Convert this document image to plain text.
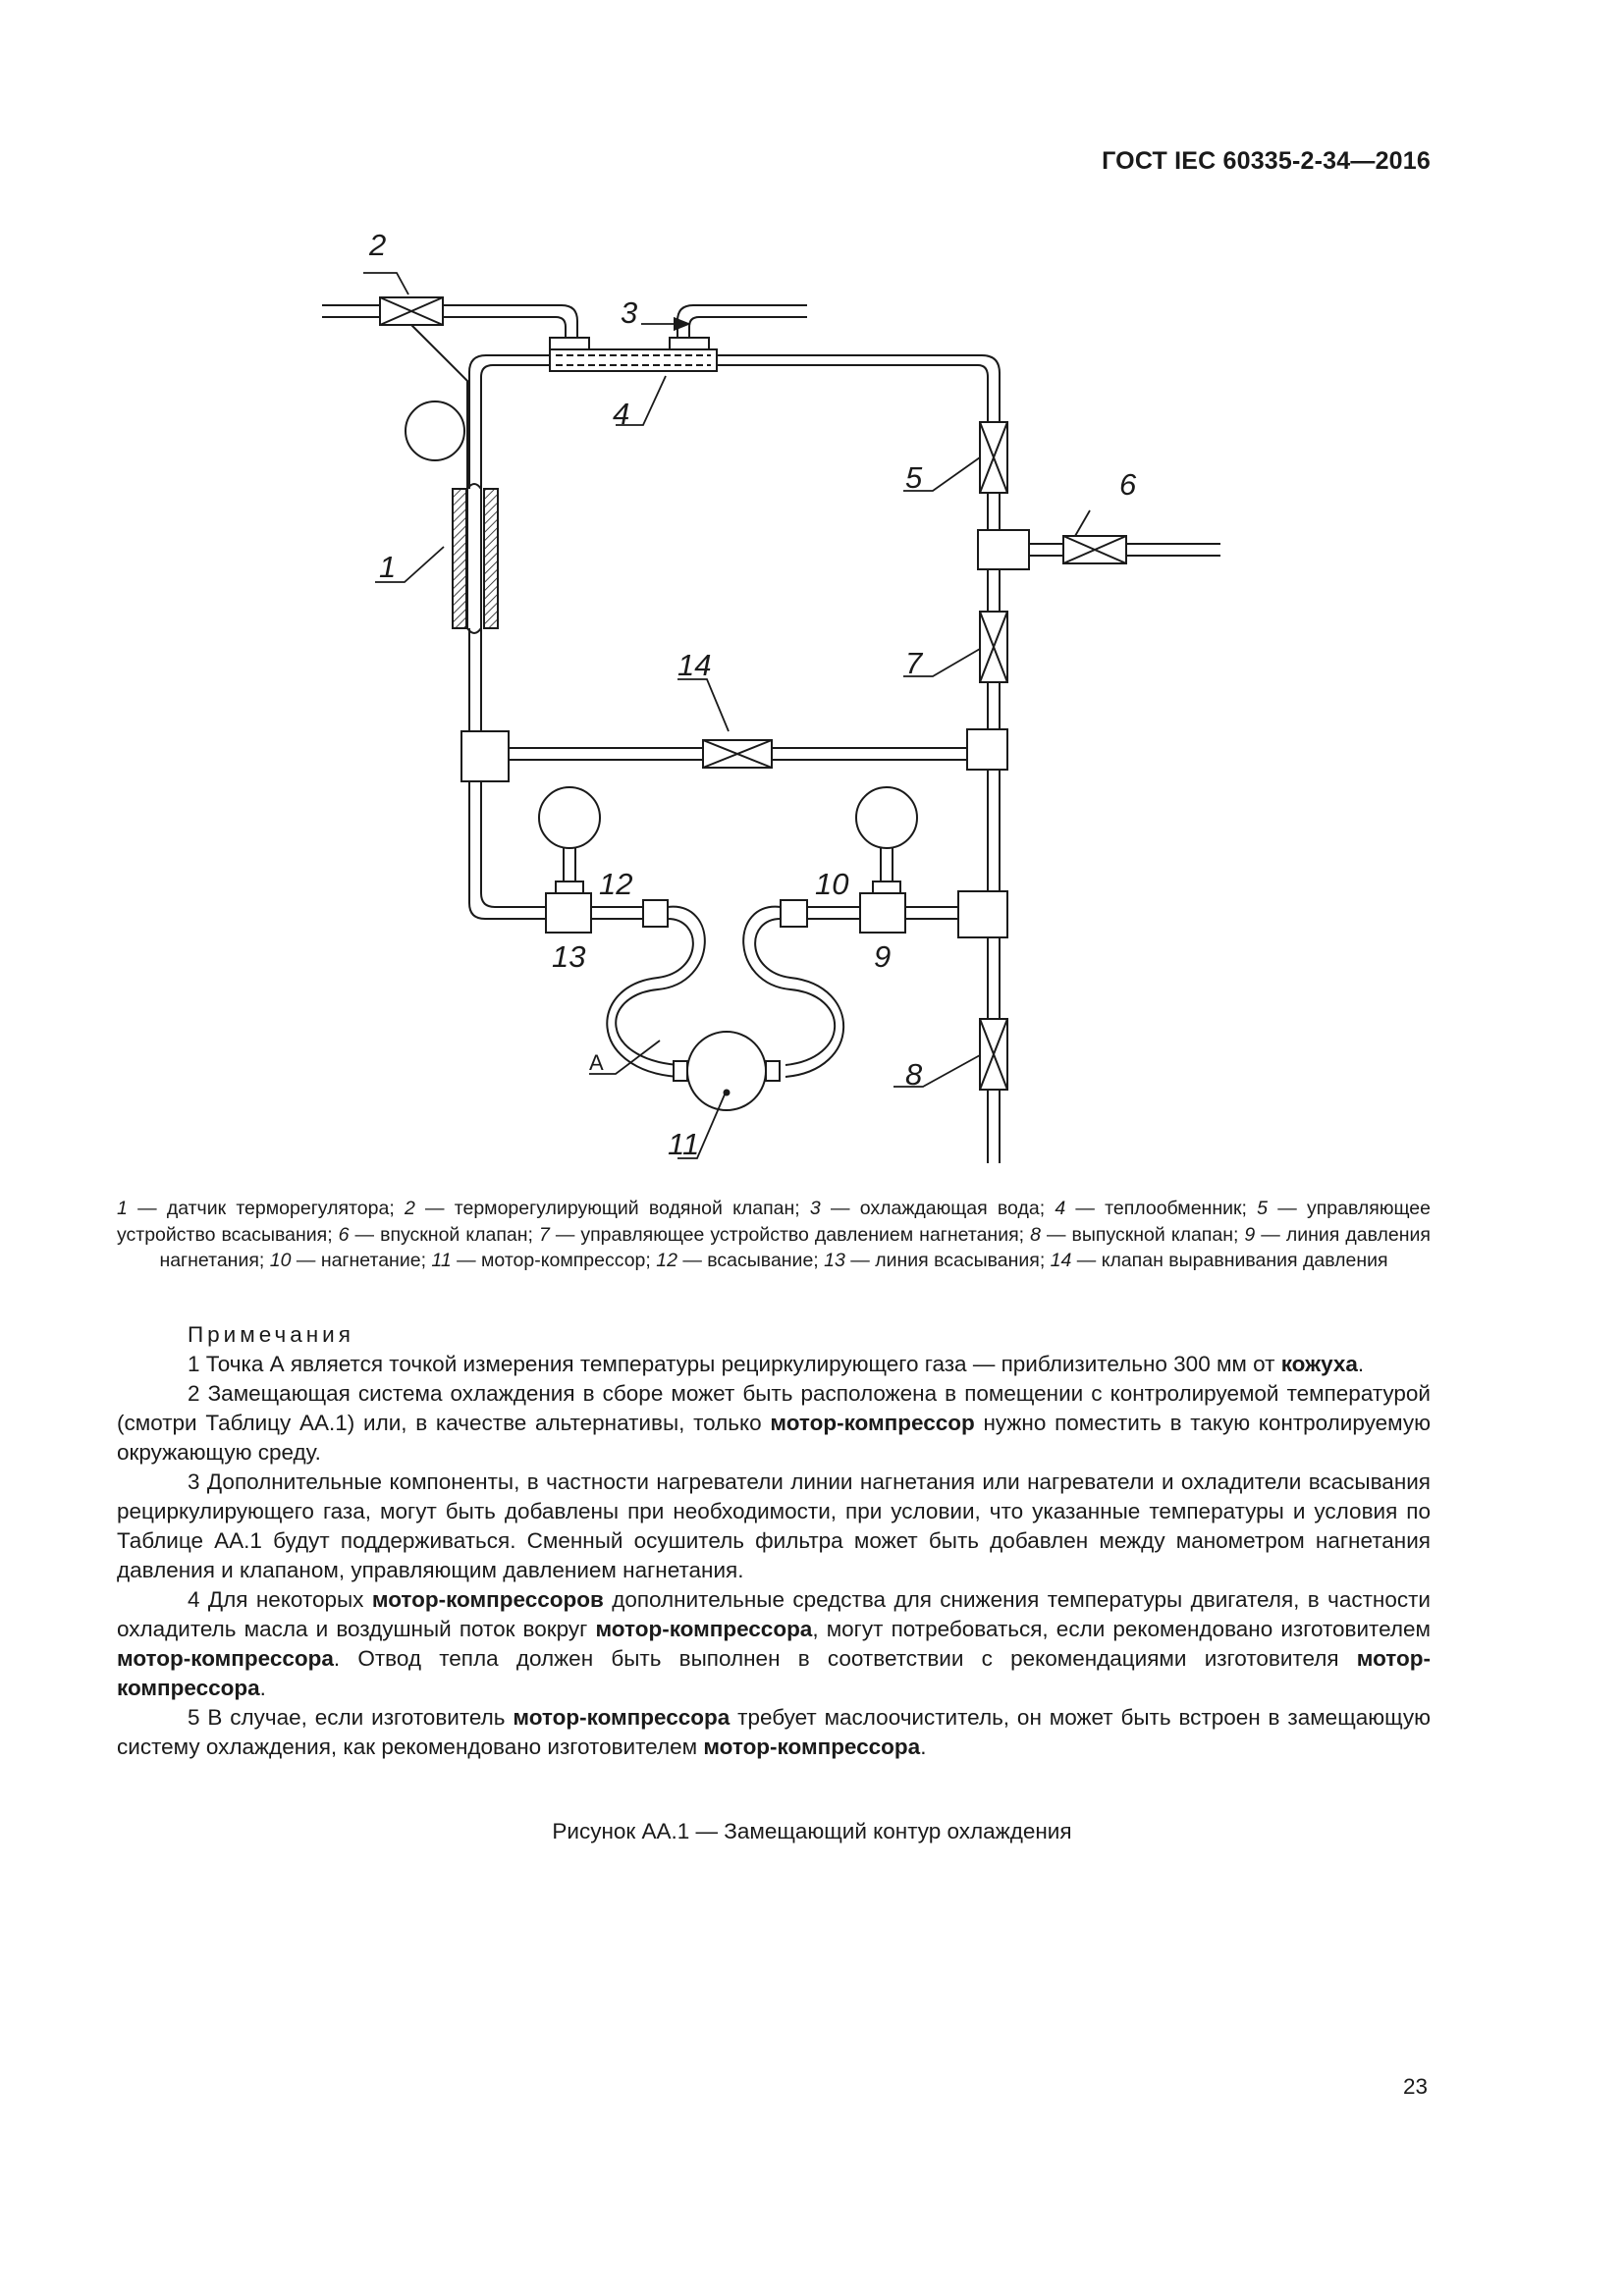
ГОСТ IEC 60335-2-34—2016
2
3
4
1
5	6
7
14
12
13
10
9
8
11
А
1 — датчик терморегулятора; 2 — терморегулирующий водяной клапан; 3 — охлаждающая вода; 4 — теплообменник; 5 — управляющее устройство всасывания; 6 — впускной клапан; 7 — управляющее устройство давлением нагнетания; 8 — выпускной клапан; 9 — линия давления нагнетания; 10 — нагнетание; 11 — мотор-компрессор; 12 — всасывание; 13 — линия всасывания; 14 — клапан выравнивания давления

Примечания

1 Точка А является точкой измерения температуры рециркулирующего газа — приблизительно 300 мм от кожуха.

2 Замещающая система охлаждения в сборе может быть расположена в помещении с контролируемой температурой (смотри Таблицу АА.1) или, в качестве альтернативы, только мотор-компрессор нужно поместить в такую контролируемую окружающую среду.

3 Дополнительные компоненты, в частности нагреватели линии нагнетания или нагреватели и охладители всасывания рециркулирующего газа, могут быть добавлены при необходимости, при условии, что указанные температуры и условия по Таблице АА.1 будут поддерживаться. Сменный осушитель фильтра может быть добавлен между манометром нагнетания давления и клапаном, управляющим давлением нагнетания.

4 Для некоторых мотор-компрессоров дополнительные средства для снижения температуры двигателя, в частности охладитель масла и воздушный поток вокруг мотор-компрессора, могут потребоваться, если рекомендовано изготовителем мотор-компрессора. Отвод тепла должен быть выполнен в соответствии с рекомендациями изготовителя мотор-компрессора.

5 В случае, если изготовитель мотор-компрессора требует маслоочиститель, он может быть встроен в замещающую систему охлаждения, как рекомендовано изготовителем мотор-компрессора.

Рисунок АА.1 — Замещающий контур охлаждения
23
